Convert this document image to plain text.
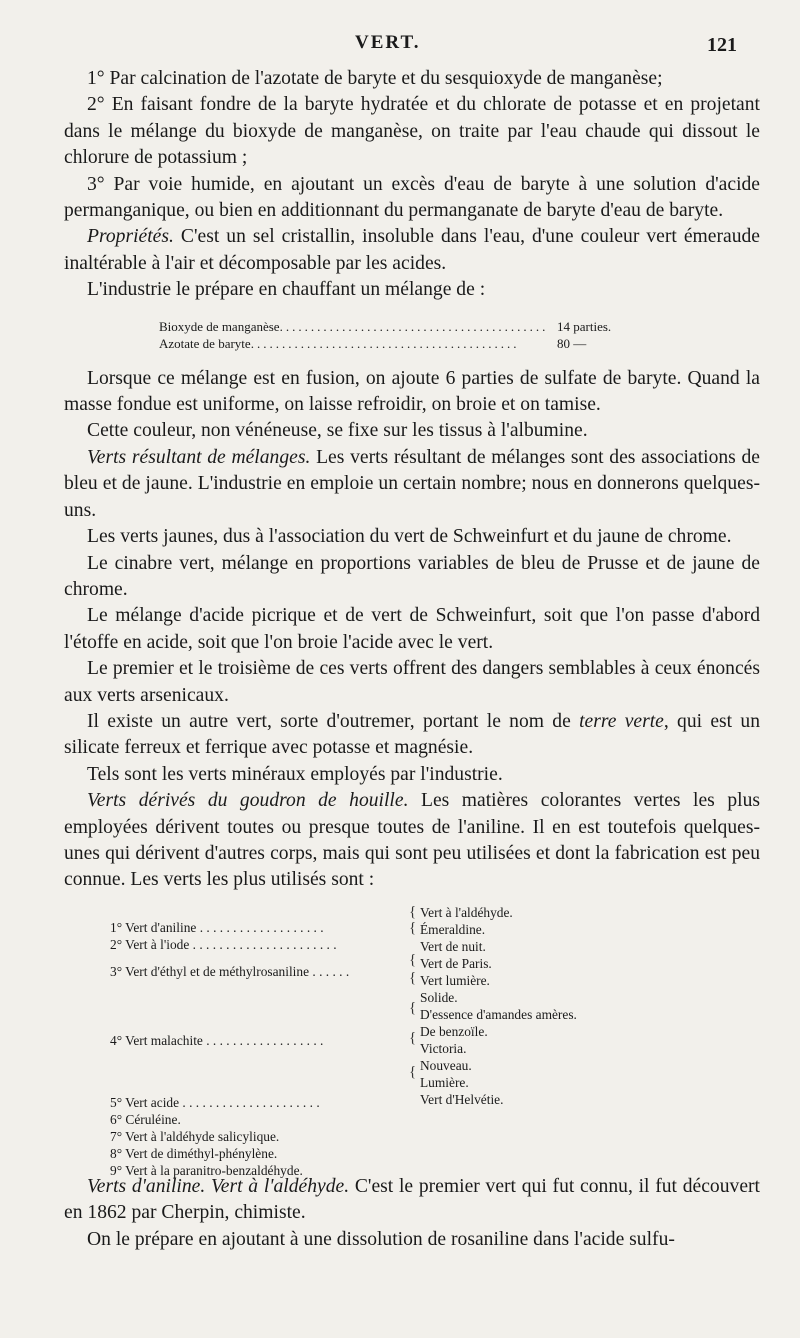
VERT.	121

1° Par calcination de l'azotate de baryte et du sesquioxyde de manganèse;

2° En faisant fondre de la baryte hydratée et du chlorate de potasse et en projetant dans le mélange du bioxyde de manganèse, on traite par l'eau chaude qui dissout le chlorure de potassium ;

3° Par voie humide, en ajoutant un excès d'eau de baryte à une solution d'acide permanganique, ou bien en additionnant du permanganate de baryte d'eau de baryte.

Propriétés. C'est un sel cristallin, insoluble dans l'eau, d'une couleur vert émeraude inaltérable à l'air et décomposable par les acides.

L'industrie le prépare en chauffant un mélange de :

Bioxyde de manganèse ........................................... 14 parties.
Azotate de baryte ...........................................	80 —

Lorsque ce mélange est en fusion, on ajoute 6 parties de sulfate de baryte. Quand la masse fondue est uniforme, on laisse refroidir, on broie et on tamise.

Cette couleur, non vénéneuse, se fixe sur les tissus à l'albumine.

Verts résultant de mélanges. Les verts résultant de mélanges sont des associations de bleu et de jaune. L'industrie en emploie un certain nombre; nous en donnerons quelques-uns.

Les verts jaunes, dus à l'association du vert de Schweinfurt et du jaune de chrome.

Le cinabre vert, mélange en proportions variables de bleu de Prusse et de jaune de chrome.

Le mélange d'acide picrique et de vert de Schweinfurt, soit que l'on passe d'abord l'étoffe en acide, soit que l'on broie l'acide avec le vert.

Le premier et le troisième de ces verts offrent des dangers semblables à ceux énoncés aux verts arsenicaux.

Il existe un autre vert, sorte d'outremer, portant le nom de terre verte, qui est un silicate ferreux et ferrique avec potasse et magnésie.

Tels sont les verts minéraux employés par l'industrie.

Verts dérivés du goudron de houille. Les matières colorantes vertes les plus employées dérivent toutes ou presque toutes de l'aniline. Il en est toutefois quelques-unes qui dérivent d'autres corps, mais qui sont peu utilisées et dont la fabrication est peu connue. Les verts les plus utilisés sont :

1° Vert d'aniline . . . . . . . . . . . . . . . . . . .
2° Vert à l'iode . . . . . . . . . . . . . . . . . . . . . .
3° Vert d'éthyl et de méthylrosaniline . . . . . .
4° Vert malachite . . . . . . . . . . . . . . . . . .
5° Vert acide . . . . . . . . . . . . . . . . . . . . .
6° Céruléine.
7° Vert à l'aldéhyde salicylique.
8° Vert de diméthyl-phénylène.
9° Vert à la paranitro-benzaldéhyde.
{
{
{
{
{
{
{
Vert à l'aldéhyde.
Émeraldine.
Vert de nuit.
Vert de Paris.
Vert lumière.
Solide.
D'essence d'amandes amères.
De benzoïle.
Victoria.
Nouveau.
Lumière.
Vert d'Helvétie.

Verts d'aniline. Vert à l'aldéhyde. C'est le premier vert qui fut connu, il fut découvert en 1862 par Cherpin, chimiste.

On le prépare en ajoutant à une dissolution de rosaniline dans l'acide sulfu-
